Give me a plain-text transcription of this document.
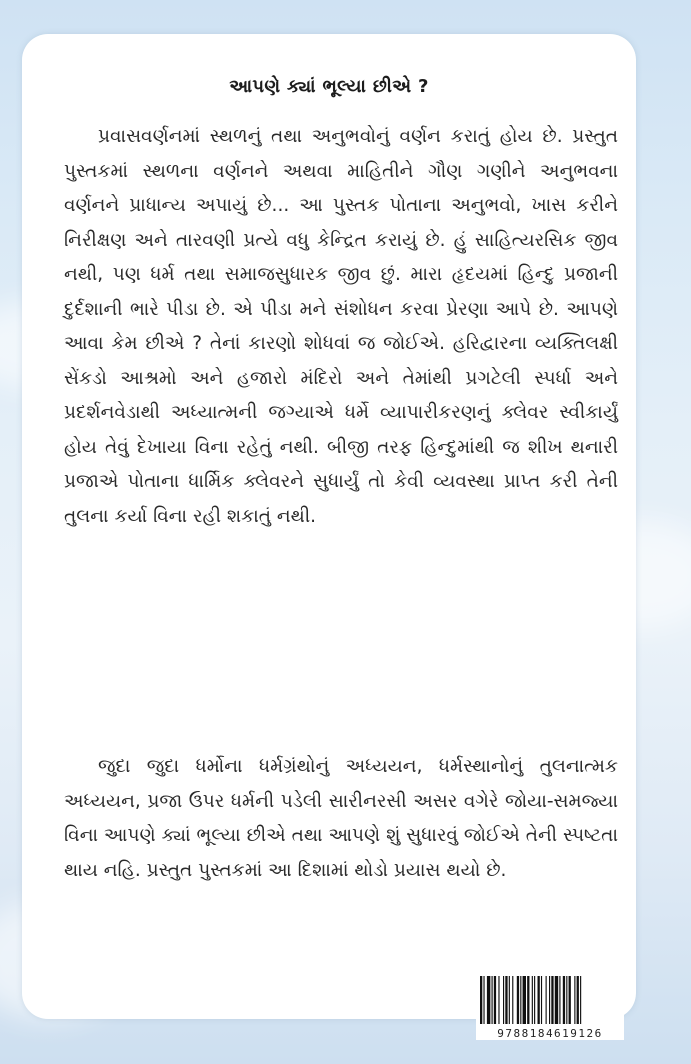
આપણે ક્યાં ભૂલ્યા છીએ ?

પ્રવાસવર્ણનમાં સ્થળનું તથા અનુભવોનું વર્ણન કરાતું હોય છે. પ્રસ્તુત પુસ્તકમાં સ્થળના વર્ણનને અથવા માહિતીને ગૌણ ગણીને અનુભવના વર્ણનને પ્રાધાન્ય અપાયું છે... આ પુસ્તક પોતાના અનુભવો, ખાસ કરીને નિરીક્ષણ અને તારવણી પ્રત્યે વધુ કેન્દ્રિત કરાયું છે. હું સાહિત્યરસિક જીવ નથી, પણ ધર્મ તથા સમાજસુધારક જીવ છું. મારા હૃદયમાં હિન્દુ પ્રજાની દુર્દશાની ભારે પીડા છે. એ પીડા મને સંશોધન કરવા પ્રેરણા આપે છે. આપણે આવા કેમ છીએ ? તેનાં કારણો શોધવાં જ જોઈએ. હરિદ્વારના વ્યક્તિલક્ષી સેંકડો આશ્રમો અને હજારો મંદિરો અને તેમાંથી પ્રગટેલી સ્પર્ધા અને પ્રદર્શનવેડાથી અધ્યાત્મની જગ્યાએ ધર્મે વ્યાપારીકરણનું ક્લેવર સ્વીકાર્યું હોય તેવું દેખાયા વિના રહેતું નથી. બીજી તરફ હિન્દુમાંથી જ શીખ થનારી પ્રજાએ પોતાના ધાર્મિક ક્લેવરને સુધાર્યું તો કેવી વ્યવસ્થા પ્રાપ્ત કરી તેની તુલના કર્યા વિના રહી શકાતું નથી.

જુદા જુદા ધર્મોના ધર્મગ્રંથોનું અધ્યયન, ધર્મસ્થાનોનું તુલનાત્મક અધ્યયન, પ્રજા ઉપર ધર્મની પડેલી સારીનરસી અસર વગેરે જોયા-સમજ્યા વિના આપણે ક્યાં ભૂલ્યા છીએ તથા આપણે શું સુધારવું જોઈએ તેની સ્પષ્ટતા થાય નહિ. પ્રસ્તુત પુસ્તકમાં આ દિશામાં થોડો પ્રયાસ થયો છે.

9788184619126
